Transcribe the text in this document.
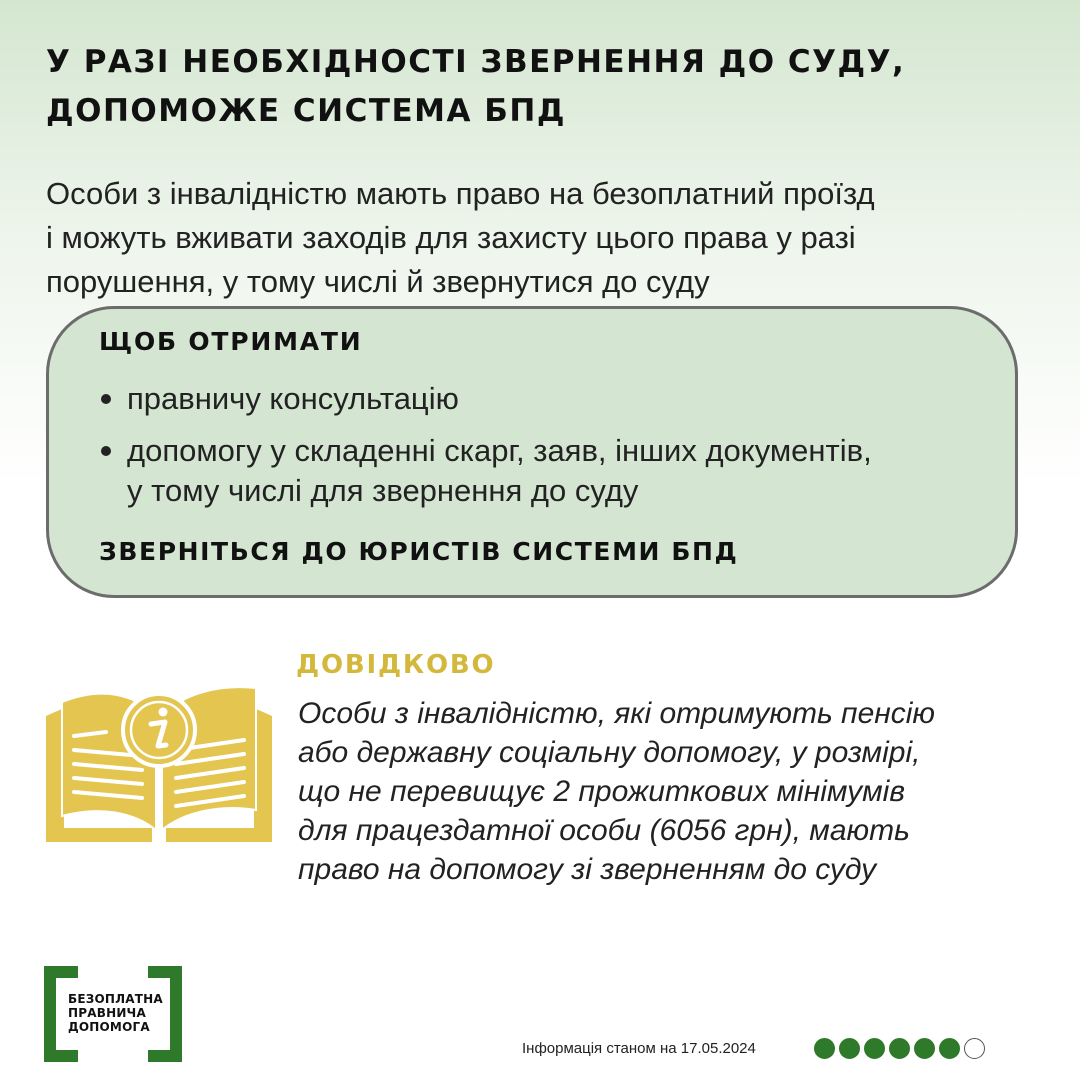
У РАЗІ НЕОБХІДНОСТІ ЗВЕРНЕННЯ ДО СУДУ,
ДОПОМОЖЕ СИСТЕМА БПД

Особи з інвалідністю мають право на безоплатний проїзд
і можуть вживати заходів для захисту цього права у разі
порушення, у тому числі й звернутися до суду

ЩОБ ОТРИМАТИ
правничу консультацію
допомогу у складенні скарг, заяв, інших документів,
у тому числі для звернення до суду
ЗВЕРНІТЬСЯ ДО ЮРИСТІВ СИСТЕМИ БПД
ДОВІДКОВО

Особи з інвалідністю, які отримують пенсію
або державну соціальну допомогу, у розмірі,
що не перевищує 2 прожиткових мінімумів
для працездатної особи (6056 грн), мають
право на допомогу зі зверненням до суду

БЕЗОПЛАТНА
ПРАВНИЧА
ДОПОМОГА
Інформація станом на 17.05.2024
